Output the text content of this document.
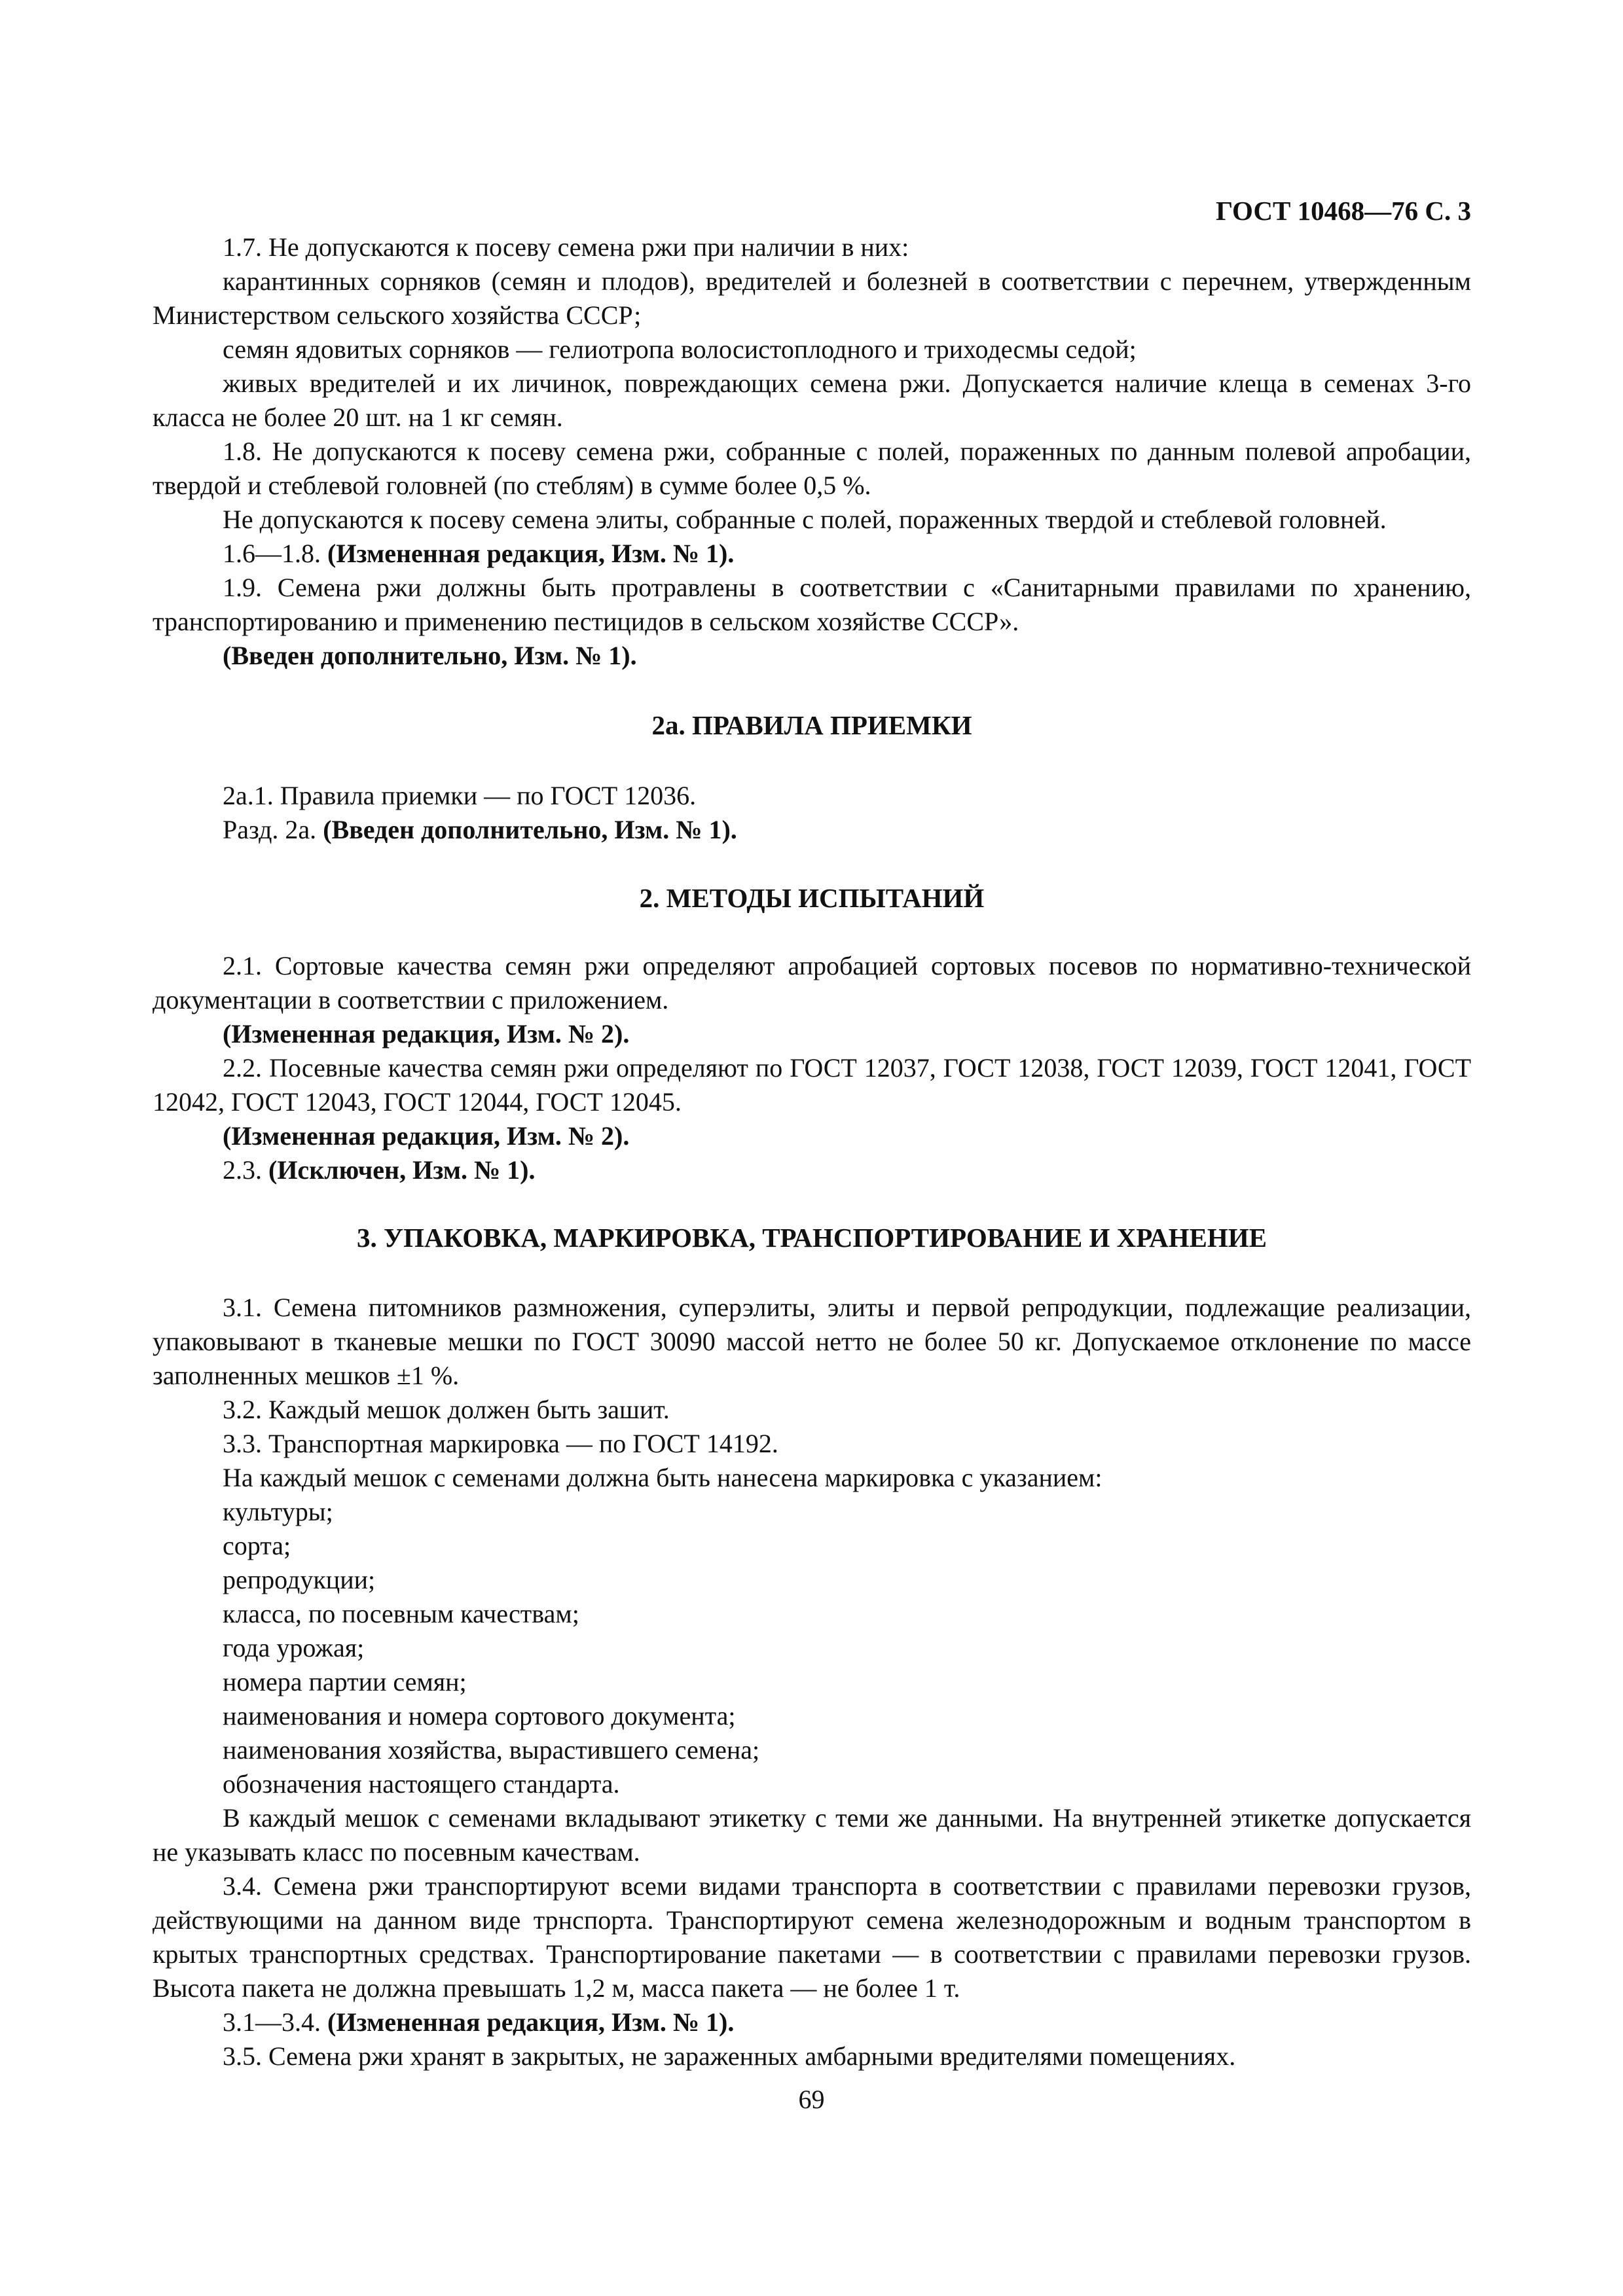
ГОСТ 10468—76 С. 3

1.7. Не допускаются к посеву семена ржи при наличии в них:

карантинных сорняков (семян и плодов), вредителей и болезней в соответствии с перечнем, утвержденным Министерством сельского хозяйства СССР;

семян ядовитых сорняков — гелиотропа волосистоплодного и триходесмы седой;

живых вредителей и их личинок, повреждающих семена ржи. Допускается наличие клеща в семенах 3-го класса не более 20 шт. на 1 кг семян.

1.8. Не допускаются к посеву семена ржи, собранные с полей, пораженных по данным полевой апробации, твердой и стеблевой головней (по стеблям) в сумме более 0,5 %.

Не допускаются к посеву семена элиты, собранные с полей, пораженных твердой и стеблевой головней.

1.6—1.8. (Измененная редакция, Изм. № 1).

1.9. Семена ржи должны быть протравлены в соответствии с «Санитарными правилами по хранению, транспортированию и применению пестицидов в сельском хозяйстве СССР».

(Введен дополнительно, Изм. № 1).

2а. ПРАВИЛА ПРИЕМКИ

2а.1. Правила приемки — по ГОСТ 12036.

Разд. 2а. (Введен дополнительно, Изм. № 1).

2. МЕТОДЫ ИСПЫТАНИЙ

2.1. Сортовые качества семян ржи определяют апробацией сортовых посевов по нормативно-технической документации в соответствии с приложением.

(Измененная редакция, Изм. № 2).

2.2. Посевные качества семян ржи определяют по ГОСТ 12037, ГОСТ 12038, ГОСТ 12039, ГОСТ 12041, ГОСТ 12042, ГОСТ 12043, ГОСТ 12044, ГОСТ 12045.

(Измененная редакция, Изм. № 2).

2.3. (Исключен, Изм. № 1).

3. УПАКОВКА, МАРКИРОВКА, ТРАНСПОРТИРОВАНИЕ И ХРАНЕНИЕ

3.1. Семена питомников размножения, суперэлиты, элиты и первой репродукции, подлежащие реализации, упаковывают в тканевые мешки по ГОСТ 30090 массой нетто не более 50 кг. Допускаемое отклонение по массе заполненных мешков ±1 %.

3.2. Каждый мешок должен быть зашит.

3.3. Транспортная маркировка — по ГОСТ 14192.

На каждый мешок с семенами должна быть нанесена маркировка с указанием:

культуры;

сорта;

репродукции;

класса, по посевным качествам;

года урожая;

номера партии семян;

наименования и номера сортового документа;

наименования хозяйства, вырастившего семена;

обозначения настоящего стандарта.

В каждый мешок с семенами вкладывают этикетку с теми же данными. На внутренней этикетке допускается не указывать класс по посевным качествам.

3.4. Семена ржи транспортируют всеми видами транспорта в соответствии с правилами перевозки грузов, действующими на данном виде трнспорта. Транспортируют семена железнодорожным и водным транспортом в крытых транспортных средствах. Транспортирование пакетами — в соответствии с правилами перевозки грузов. Высота пакета не должна превышать 1,2 м, масса пакета — не более 1 т.

3.1—3.4. (Измененная редакция, Изм. № 1).

3.5. Семена ржи хранят в закрытых, не зараженных амбарными вредителями помещениях.

69
